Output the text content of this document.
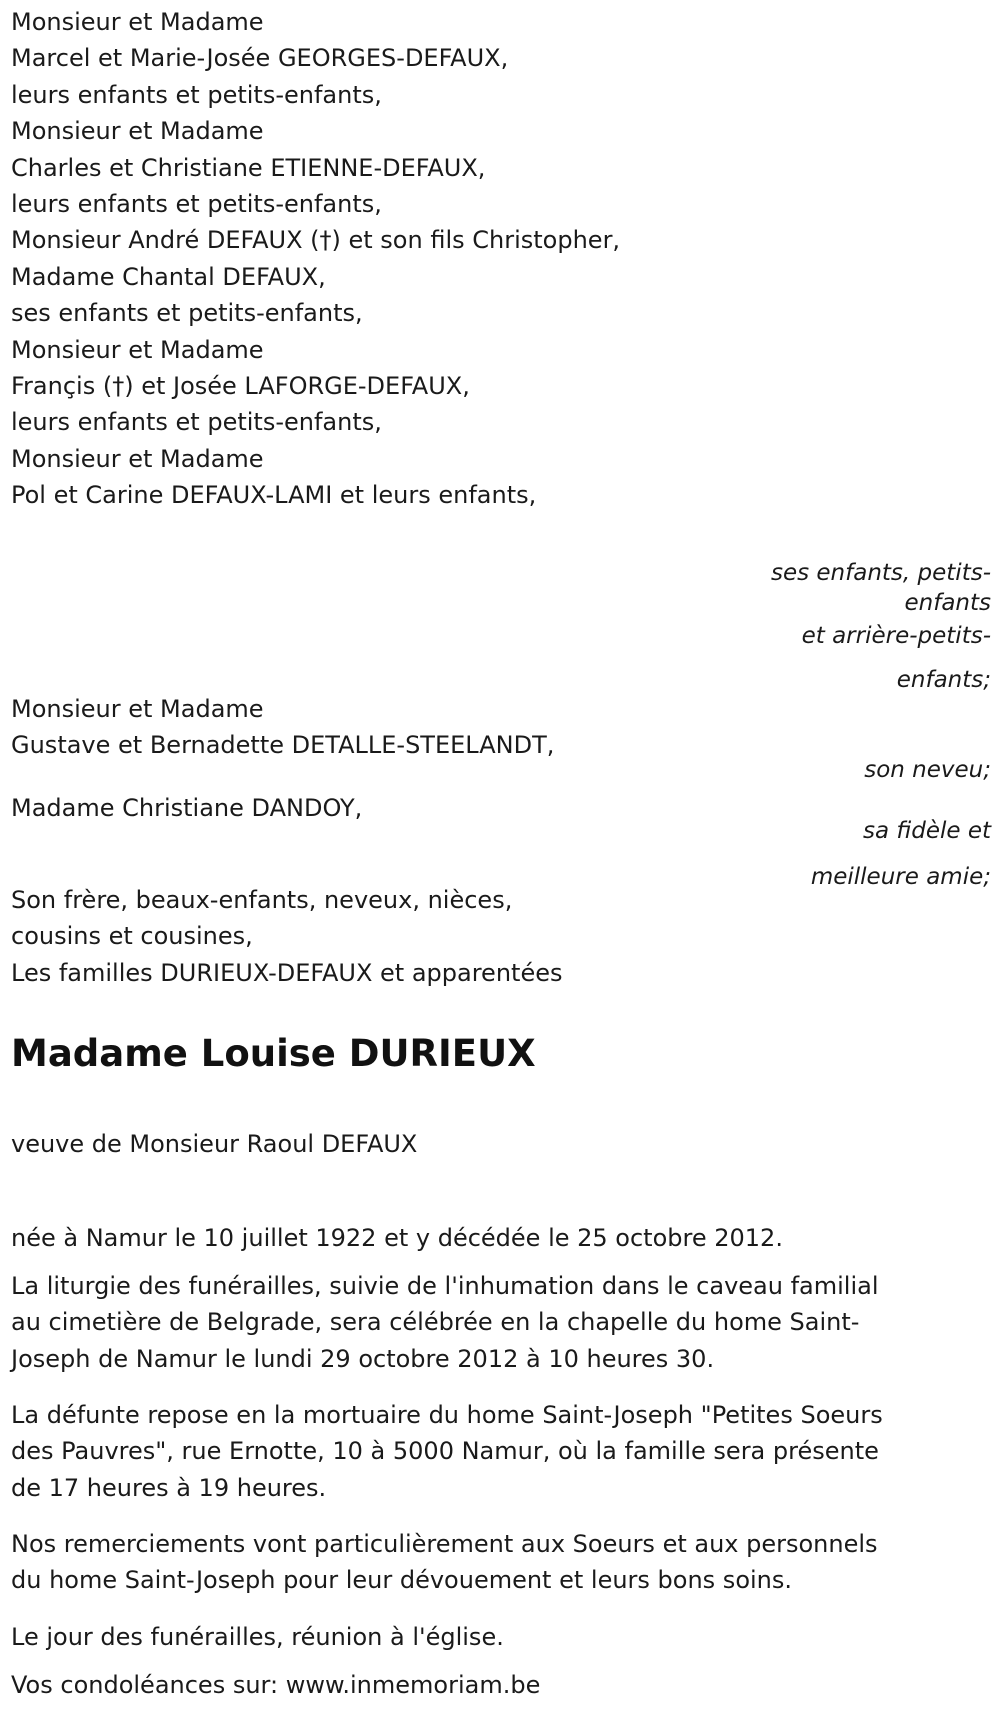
Monsieur et Madame
Marcel et Marie-Josée GEORGES-DEFAUX,
leurs enfants et petits-enfants,
Monsieur et Madame
Charles et Christiane ETIENNE-DEFAUX,
leurs enfants et petits-enfants,
Monsieur André DEFAUX (†) et son fils Christopher,
Madame Chantal DEFAUX,
ses enfants et petits-enfants,
Monsieur et Madame
Françis (†) et Josée LAFORGE-DEFAUX,
leurs enfants et petits-enfants,
Monsieur et Madame
Pol et Carine DEFAUX-LAMI et leurs enfants,
ses enfants, petits-
enfants
et arrière-petits-
enfants;
Monsieur et Madame
Gustave et Bernadette DETALLE-STEELANDT,
son neveu;
Madame Christiane DANDOY,
sa fidèle et
meilleure amie;
Son frère, beaux-enfants, neveux, nièces,
cousins et cousines,
Les familles DURIEUX-DEFAUX et apparentées
Madame Louise DURIEUX
veuve de Monsieur Raoul DEFAUX
née à Namur le 10 juillet 1922 et y décédée le 25 octobre 2012.
La liturgie des funérailles, suivie de l'inhumation dans le caveau familial
au cimetière de Belgrade, sera célébrée en la chapelle du home Saint-
Joseph de Namur le lundi 29 octobre 2012 à 10 heures 30.
La défunte repose en la mortuaire du home Saint-Joseph "Petites Soeurs
des Pauvres", rue Ernotte, 10 à 5000 Namur, où la famille sera présente
de 17 heures à 19 heures.
Nos remerciements vont particulièrement aux Soeurs et aux personnels
du home Saint-Joseph pour leur dévouement et leurs bons soins.
Le jour des funérailles, réunion à l'église.
Vos condoléances sur: www.inmemoriam.be
